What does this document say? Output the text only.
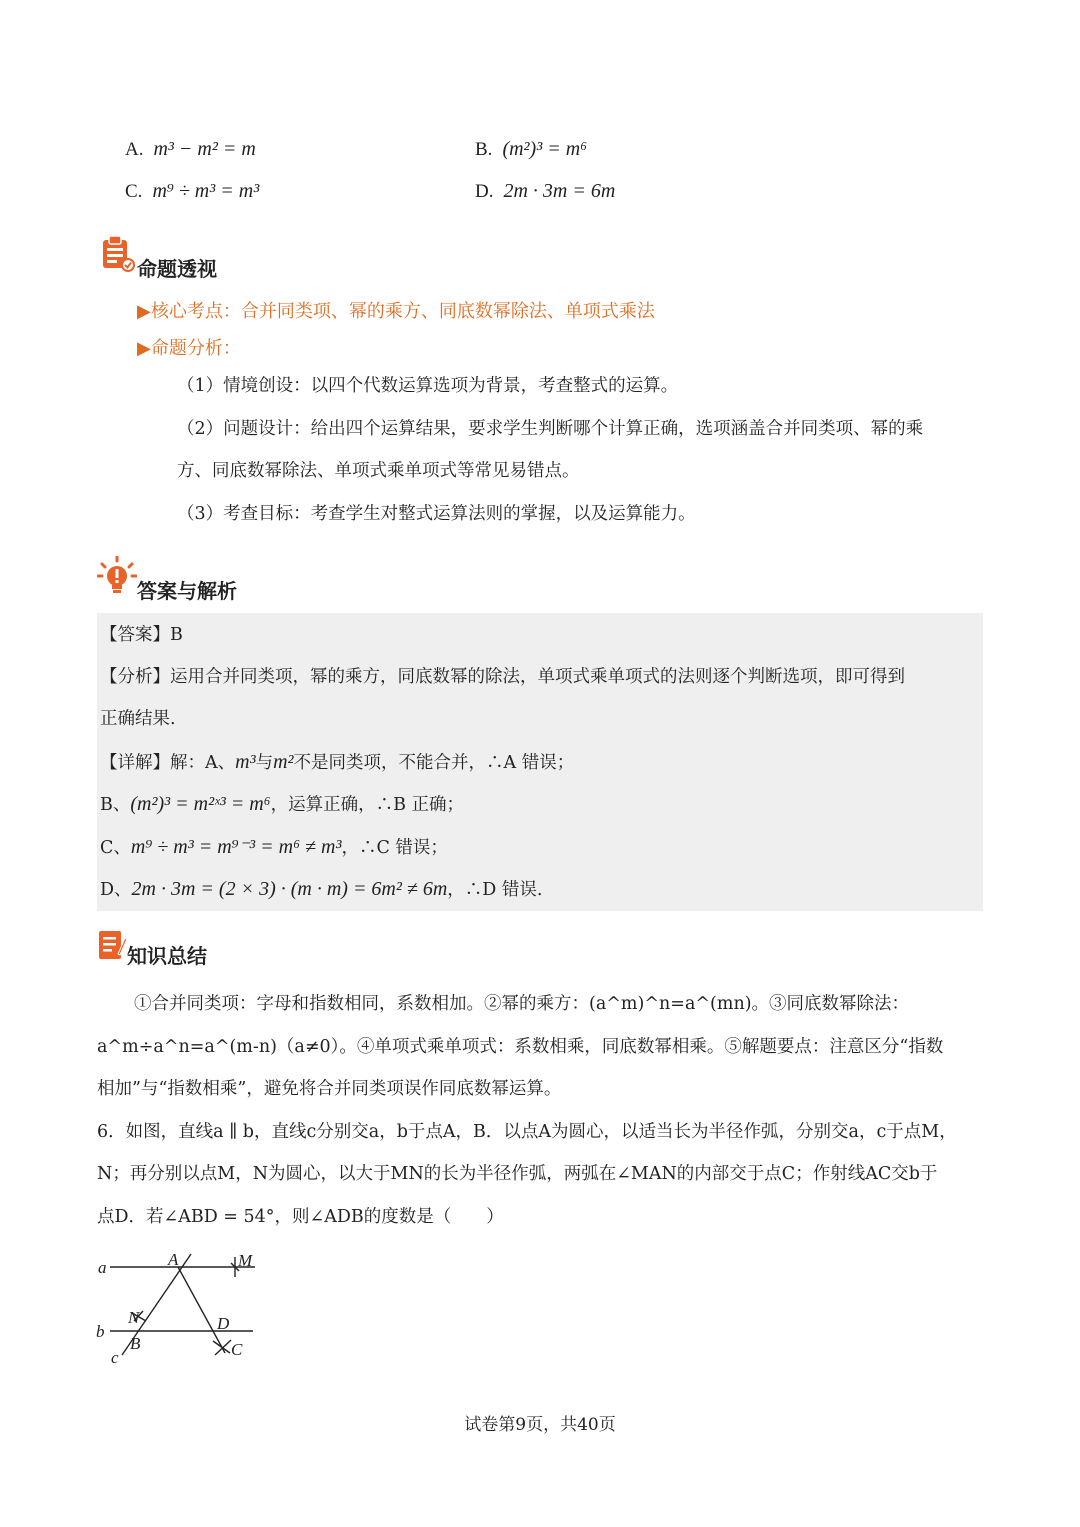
A. m³ − m² = m	B. (m²)³ = m⁶
C. m⁹ ÷ m³ = m³	D. 2m · 3m = 6m
命题透视
▶核心考点：合并同类项、幂的乘方、同底数幂除法、单项式乘法
▶命题分析：
（1）情境创设：以四个代数运算选项为背景，考查整式的运算。
（2）问题设计：给出四个运算结果，要求学生判断哪个计算正确，选项涵盖合并同类项、幂的乘
方、同底数幂除法、单项式乘单项式等常见易错点。
（3）考查目标：考查学生对整式运算法则的掌握，以及运算能力。
答案与解析
【答案】B
【分析】运用合并同类项，幂的乘方，同底数幂的除法，单项式乘单项式的法则逐个判断选项，即可得到
正确结果.
【详解】解：A、m³与m²不是同类项，不能合并，∴A 错误；
B、(m²)³ = m²ˣ³ = m⁶，运算正确，∴B 正确；
C、m⁹ ÷ m³ = m⁹⁻³ = m⁶ ≠ m³，∴C 错误；
D、2m · 3m = (2 × 3) · (m · m) = 6m² ≠ 6m，∴D 错误.
知识总结
①合并同类项：字母和指数相同，系数相加。②幂的乘方：(a^m)^n=a^(mn)。③同底数幂除法：
a^m÷a^n=a^(m-n)（a≠0）。④单项式乘单项式：系数相乘，同底数幂相乘。⑤解题要点：注意区分“指数
相加”与“指数相乘”，避免将合并同类项误作同底数幂运算。
6．如图，直线a ∥ b，直线c分别交a，b于点A，B．以点A为圆心，以适当长为半径作弧，分别交a，c于点M，
N；再分别以点M，N为圆心，以大于MN的长为半径作弧，两弧在∠MAN的内部交于点C；作射线AC交b于
点D．若∠ABD = 54°，则∠ADB的度数是（　　）
a
b
c
A	M
N
B
D
C
试卷第9页，共40页
